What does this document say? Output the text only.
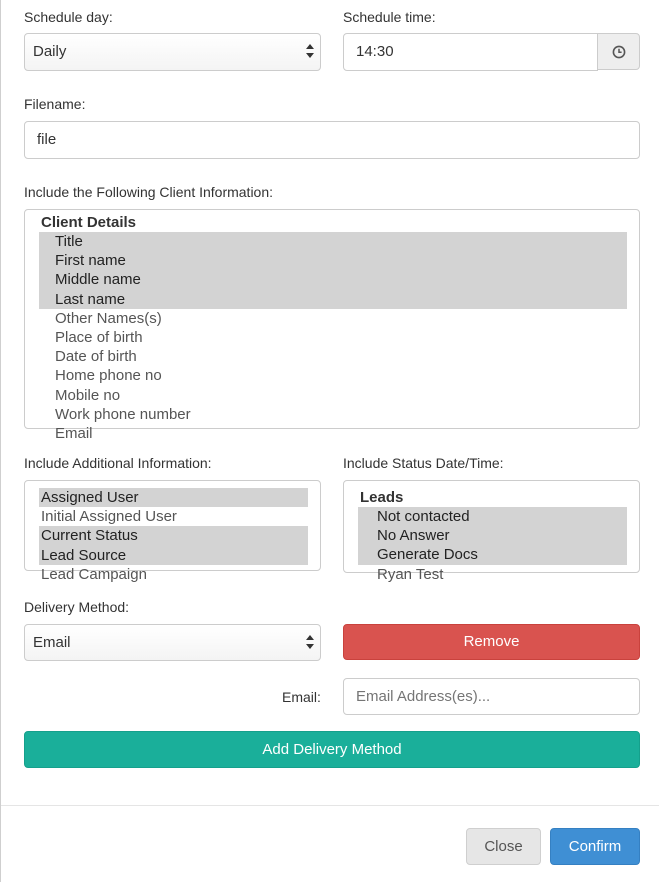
Schedule day:
Daily
Schedule time:
14:30
Filename:
file
Include the Following Client Information:
Client Details
Title
First name
Middle name
Last name
Other Names(s)
Place of birth
Date of birth
Home phone no
Mobile no
Work phone number
Email
Include Additional Information:
Assigned User
Initial Assigned User
Current Status
Lead Source
Lead Campaign
Include Status Date/Time:
Leads
Not contacted
No Answer
Generate Docs
Ryan Test
Delivery Method:
Email	Remove
Email:
Email Address(es)...
Add Delivery Method
Close	Confirm
